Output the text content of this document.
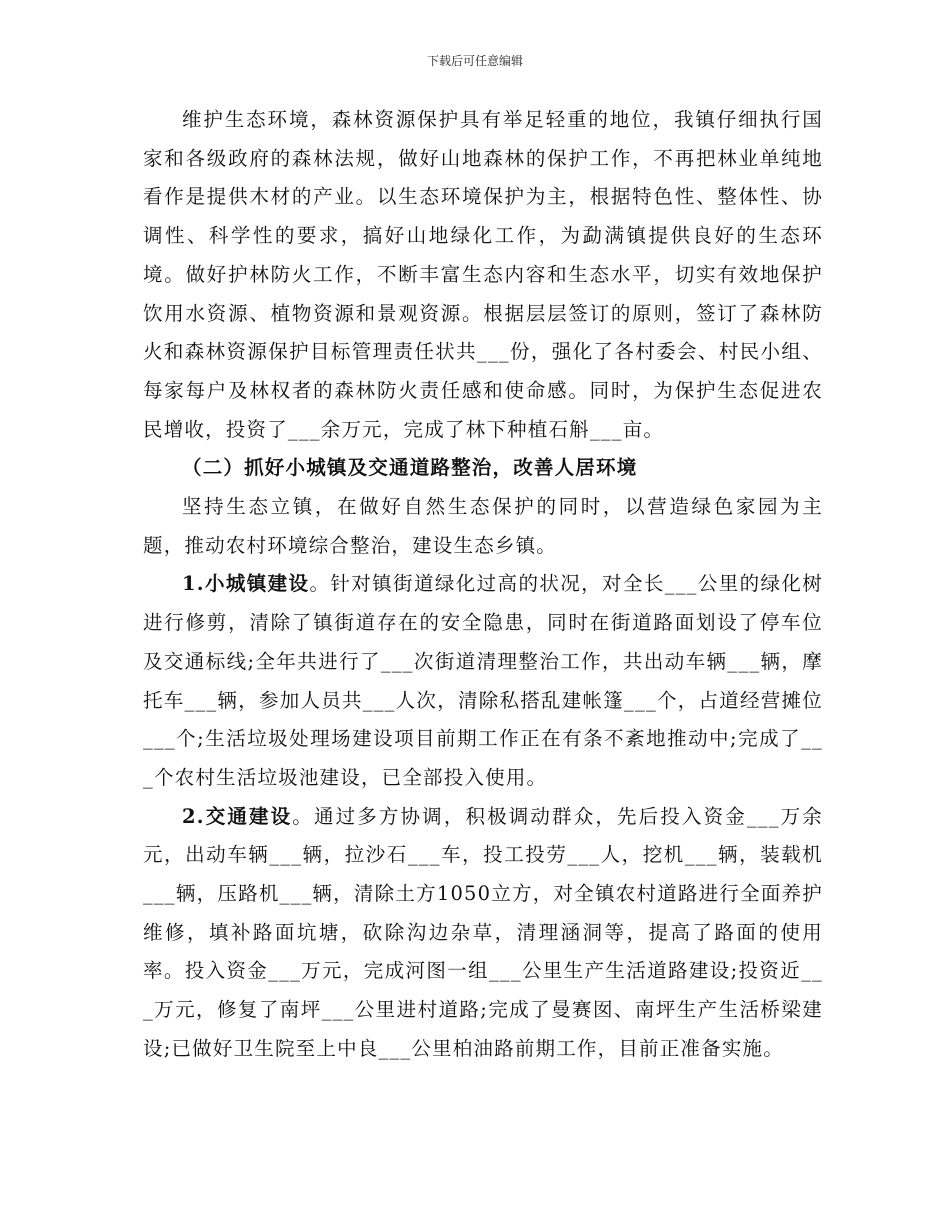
下载后可任意编辑

维护生态环境，森林资源保护具有举足轻重的地位，我镇仔细执行国家和各级政府的森林法规，做好山地森林的保护工作，不再把林业单纯地看作是提供木材的产业。以生态环境保护为主，根据特色性、整体性、协调性、科学性的要求，搞好山地绿化工作，为勐满镇提供良好的生态环境。做好护林防火工作，不断丰富生态内容和生态水平，切实有效地保护饮用水资源、植物资源和景观资源。根据层层签订的原则，签订了森林防火和森林资源保护目标管理责任状共___份，强化了各村委会、村民小组、每家每户及林权者的森林防火责任感和使命感。同时，为保护生态促进农民增收，投资了___余万元，完成了林下种植石斛___亩。

（二）抓好小城镇及交通道路整治，改善人居环境

坚持生态立镇，在做好自然生态保护的同时，以营造绿色家园为主题，推动农村环境综合整治，建设生态乡镇。

1.小城镇建设。针对镇街道绿化过高的状况，对全长___公里的绿化树进行修剪，清除了镇街道存在的安全隐患，同时在街道路面划设了停车位及交通标线;全年共进行了___次街道清理整治工作，共出动车辆___辆，摩托车___辆，参加人员共___人次，清除私搭乱建帐篷___个，占道经营摊位___个;生活垃圾处理场建设项目前期工作正在有条不紊地推动中;完成了___个农村生活垃圾池建设，已全部投入使用。

2.交通建设。通过多方协调，积极调动群众，先后投入资金___万余元，出动车辆___辆，拉沙石___车，投工投劳___人，挖机___辆，装载机___辆，压路机___辆，清除土方1050立方，对全镇农村道路进行全面养护维修，填补路面坑塘，砍除沟边杂草，清理涵洞等，提高了路面的使用率。投入资金___万元，完成河图一组___公里生产生活道路建设;投资近___万元，修复了南坪___公里进村道路;完成了曼赛囡、南坪生产生活桥梁建设;已做好卫生院至上中良___公里柏油路前期工作，目前正准备实施。
